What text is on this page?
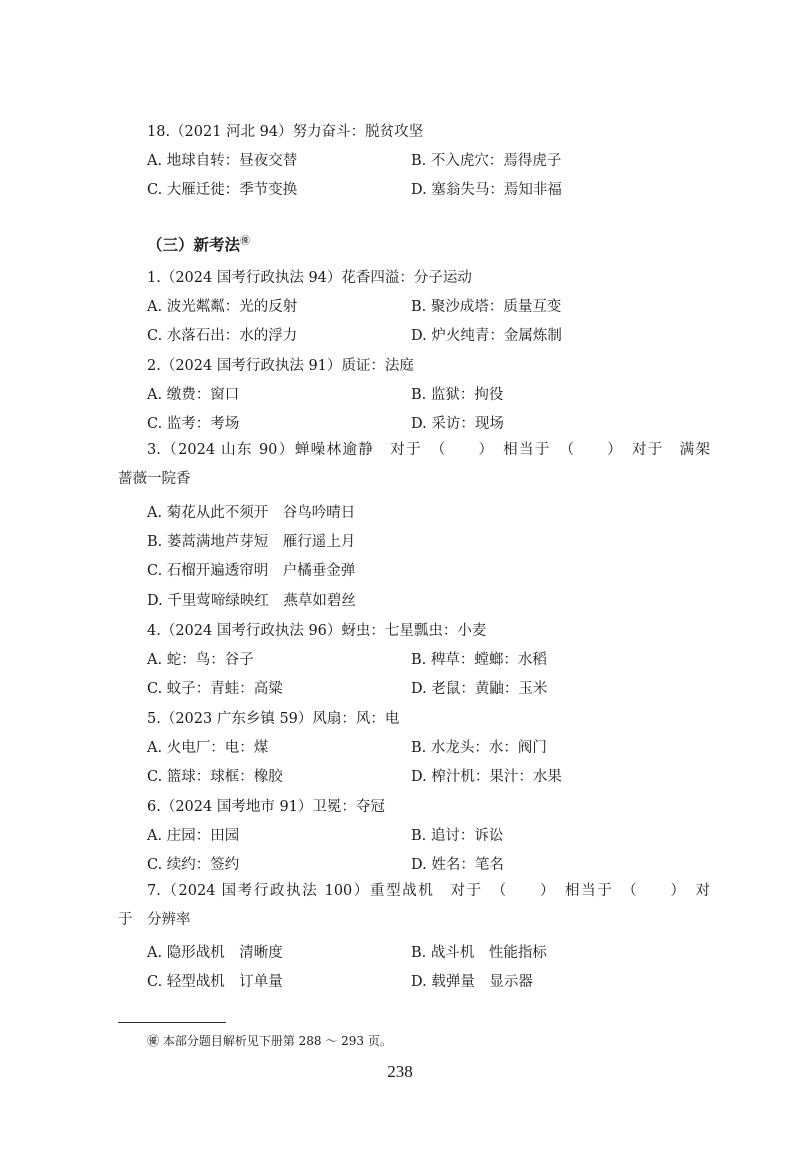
18.（2021 河北 94）努力奋斗：脱贫攻坚
A. 地球自转：昼夜交替	B. 不入虎穴：焉得虎子
C. 大雁迁徙：季节变换	D. 塞翁失马：焉知非福
（三）新考法㊝
1.（2024 国考行政执法 94）花香四溢：分子运动
A. 波光粼粼：光的反射	B. 聚沙成塔：质量互变
C. 水落石出：水的浮力	D. 炉火纯青：金属炼制
2.（2024 国考行政执法 91）质证：法庭
A. 缴费：窗口	B. 监狱：拘役
C. 监考：考场	D. 采访：现场
3.（2024 山东 90）蝉噪林逾静　对于　（　　）　相当于　（　　）　对于　满架
蔷薇一院香
A. 菊花从此不须开　谷鸟吟晴日
B. 蒌蒿满地芦芽短　雁行遥上月
C. 石榴开遍透帘明　户橘垂金弹
D. 千里莺啼绿映红　燕草如碧丝
4.（2024 国考行政执法 96）蚜虫：七星瓢虫：小麦
A. 蛇：鸟：谷子	B. 稗草：螳螂：水稻
C. 蚊子：青蛙：高粱	D. 老鼠：黄鼬：玉米
5.（2023 广东乡镇 59）风扇：风：电
A. 火电厂：电：煤	B. 水龙头：水：阀门
C. 篮球：球框：橡胶	D. 榨汁机：果汁：水果
6.（2024 国考地市 91）卫冕：夺冠
A. 庄园：田园	B. 追讨：诉讼
C. 续约：签约	D. 姓名：笔名
7.（2024 国考行政执法 100）重型战机　对于　（　　）　相当于　（　　）　对
于　分辨率
A. 隐形战机　清晰度	B. 战斗机　性能指标
C. 轻型战机　订单量	D. 载弹量　显示器
㊝ 本部分题目解析见下册第 288 ～ 293 页。
238
